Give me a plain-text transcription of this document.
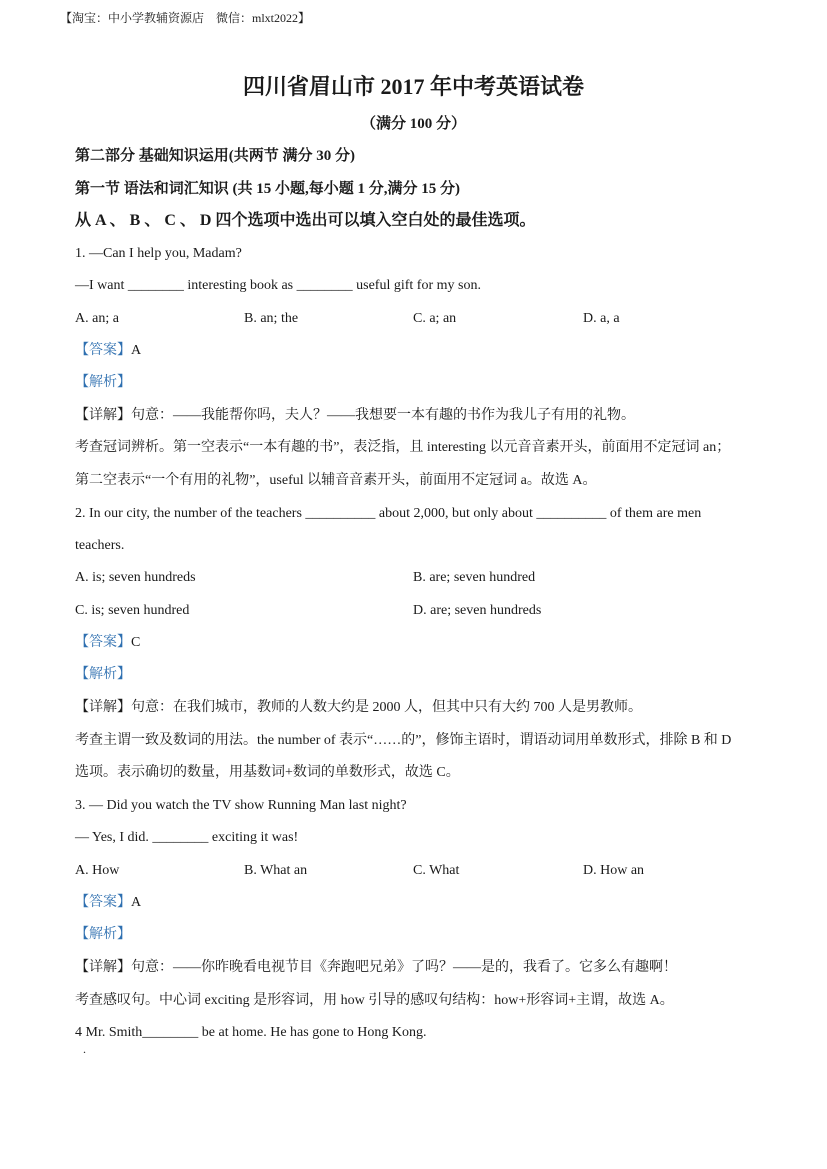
【淘宝：中小学教辅资源店　微信：mlxt2022】
四川省眉山市 2017 年中考英语试卷
（满分 100 分）
第二部分 基础知识运用(共两节 满分 30 分)
第一节 语法和词汇知识 (共 15 小题,每小题 1 分,满分 15 分)
从 A 、 B 、 C 、 D 四个选项中选出可以填入空白处的最佳选项。
1. —Can I help you, Madam?
—I want ________ interesting book as ________ useful gift for my son.
A. an; a	B. an; the	C. a; an	D. a, a
【答案】A
【解析】
【详解】句意：——我能帮你吗，夫人？——我想要一本有趣的书作为我儿子有用的礼物。
考查冠词辨析。第一空表示“一本有趣的书”，表泛指，且 interesting 以元音音素开头，前面用不定冠词 an；
第二空表示“一个有用的礼物”，useful 以辅音音素开头，前面用不定冠词 a。故选 A。
2. In our city, the number of the teachers __________ about 2,000, but only about __________ of them are men
teachers.
A. is; seven hundreds	B. are; seven hundred
C. is; seven hundred	D. are; seven hundreds
【答案】C
【解析】
【详解】句意：在我们城市，教师的人数大约是 2000 人，但其中只有大约 700 人是男教师。
考查主谓一致及数词的用法。the number of 表示“……的”，修饰主语时，谓语动词用单数形式，排除 B 和 D
选项。表示确切的数量，用基数词+数词的单数形式，故选 C。
3. — Did you watch the TV show Running Man last night?
— Yes, I did. ________ exciting it was!
A. How	B. What an	C. What	D. How an
【答案】A
【解析】
【详解】句意：——你昨晚看电视节目《奔跑吧兄弟》了吗？——是的，我看了。它多么有趣啊！
考查感叹句。中心词 exciting 是形容词，用 how 引导的感叹句结构：how+形容词+主谓，故选 A。
4 Mr. Smith________ be at home. He has gone to Hong Kong.
.
